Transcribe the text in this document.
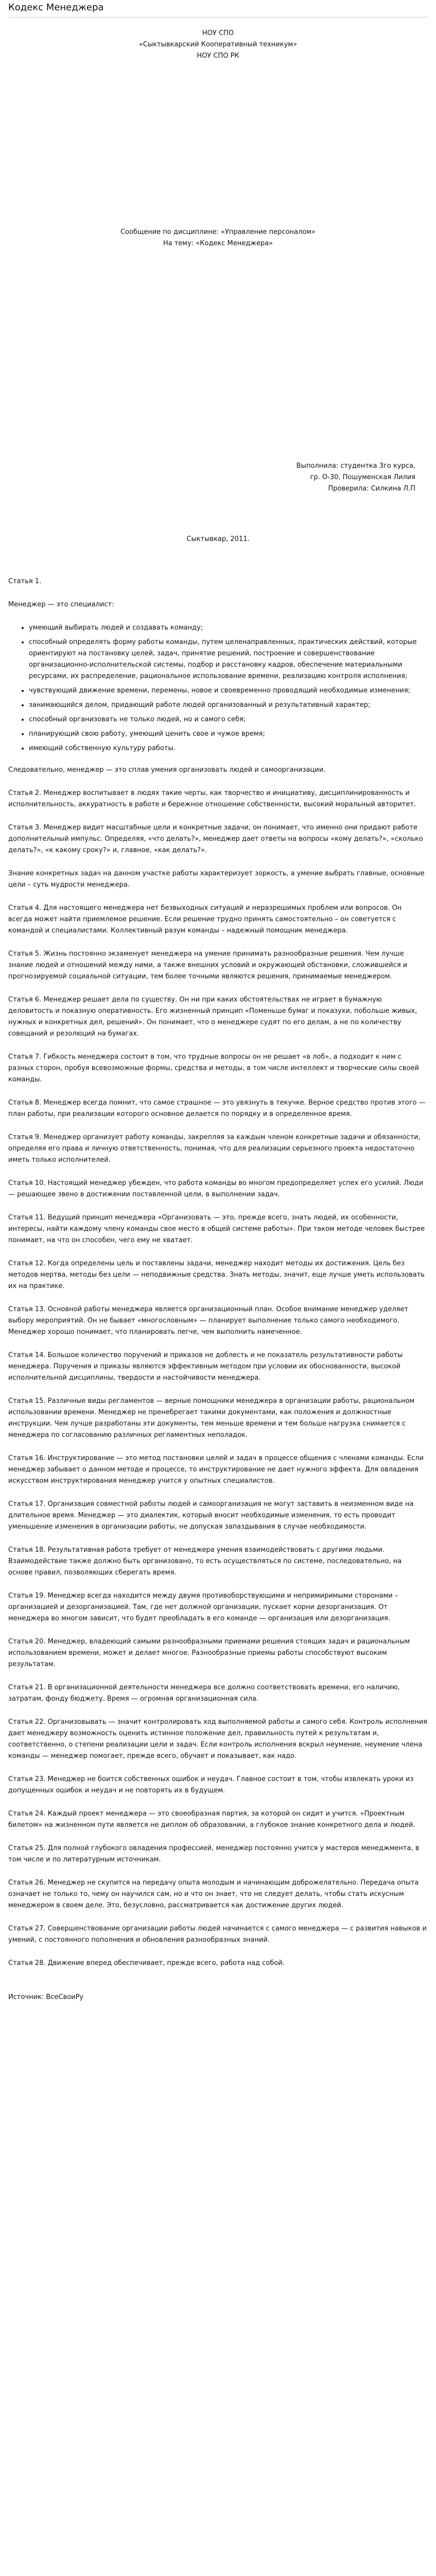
Кодекс Менеджера
НОУ СПО
«Сыктывкарский Кооперативный техникум»
НОУ СПО РК
Сообщение по дисциплине: «Управление персоналом»
На тему: «Кодекс Менеджера»
Выполнила: студентка 3го курса,
гр. О-30, Пошуменская Лилия
Проверила: Силкина Л.П
Сыктывкар, 2011.

Статья 1.

Менеджер — это специалист:

• умеющий выбирать людей и создавать команду;
• способный определять форму работы команды, путем целенаправленных, практических действий, которые ориентируют на постановку целей, задач, принятие решений, построение и совершенствование организационно-исполнительской системы, подбор и расстановку кадров, обеспечение материальными ресурсами, их распределение, рациональное использование времени, реализацию контроля исполнения;
• чувствующий движение времени, перемены, новое и своевременно проводящий необходимые изменения;
• занимающийся делом, придающий работе людей организованный и результативный характер;
• способный организовать не только людей, но и самого себя;
• планирующий свою работу, умеющий ценить свое и чужое время;
• имеющий собственную культуру работы.

Следовательно, менеджер — это сплав умения организовать людей и самоорганизации.

Статья 2. Менеджер воспитывает в людях такие черты, как творчество и инициативу, дисциплинированность и исполнительность, аккуратность в работе и бережное отношение собственности, высокий моральный авторитет.

Статья 3. Менеджер видит масштабные цели и конкретные задачи, он понимает, что именно они придают работе дополнительный импульс. Определяя, «что делать?», менеджер дает ответы на вопросы «кому делать?», «сколько делать?», «к какому сроку?» и, главное, «как делать?».

Знание конкретных задач на данном участке работы характеризует зоркость, а умение выбрать главные, основные цели – суть мудрости менеджера.

Статья 4. Для настоящего менеджера нет безвыходных ситуаций и неразрешимых проблем или вопросов. Он всегда может найти приемлемое решение. Если решение трудно принять самостоятельно – он советуется с командой и специалистами. Коллективный разум команды – надежный помощник менеджера.

Статья 5. Жизнь постоянно экзаменует менеджера на умение принимать разнообразные решения. Чем лучше знание людей и отношений между ними, а также внешних условий и окружающей обстановки, сложившейся и прогнозируемой социальной ситуации, тем более точными являются решения, принимаемые менеджером.

Статья 6. Менеджер решает дела по существу. Он ни при каких обстоятельствах не играет в бумажную деловитость и показную оперативность. Его жизненный принцип «Поменьше бумаг и показухи, побольше живых, нужных и конкретных дел, решений». Он понимает, что о менеджере судят по его делам, а не по количеству совещаний и резолюций на бумагах.

Статья 7. Гибкость менеджера состоит в том, что трудные вопросы он не решает «в лоб», а подходит к ним с разных сторон, пробуя всевозможные формы, средства и методы, в том числе интеллект и творческие силы своей команды.

Статья 8. Менеджер всегда помнит, что самое страшное — это увязнуть в текучке. Верное средство против этого — план работы, при реализации которого основное делается по порядку и в определенное время.

Статья 9. Менеджер организует работу команды, закрепляя за каждым членом конкретные задачи и обязанности, определяя его права и личную ответственность, понимая, что для реализации серьезного проекта недостаточно иметь только исполнителей.

Статья 10. Настоящий менеджер убежден, что работа команды во многом предопределяет успех его усилий. Люди — решающее звено в достижении поставленной цели, в выполнении задач.

Статья 11. Ведущий принцип менеджера «Организовать — это, прежде всего, знать людей, их особенности, интересы, найти каждому члену команды свое место в общей системе работы». При таком методе человек быстрее понимает, на что он способен, чего ему не хватает.

Статья 12. Когда определены цель и поставлены задачи, менеджер находит методы их достижения. Цель без методов мертва, методы без цели — неподвижные средства. Знать методы, значит, еще лучше уметь использовать их на практике.

Статья 13. Основной работы менеджера является организационный план. Особое внимание менеджер уделяет выбору мероприятий. Он не бывает «многословным» — планирует выполнение только самого необходимого. Менеджер хорошо понимает, что планировать легче, чем выполнить намеченное.

Статья 14. Большое количество поручений и приказов не доблесть и не показатель результативности работы менеджера. Поручения и приказы являются эффективным методом при условии их обоснованности, высокой исполнительной дисциплины, твердости и настойчивости менеджера.

Статья 15. Различные виды регламентов — верные помощники менеджера в организации работы, рациональном использовании времени. Менеджер не пренебрегает такими документами, как положения и должностные инструкции. Чем лучше разработаны эти документы, тем меньше времени и тем больше нагрузка снимается с менеджера по согласованию различных регламентных неполадок.

Статья 16. Инструктирование — это метод постановки целей и задач в процессе общения с членами команды. Если менеджер забывает о данном методе и процессе, то инструктирование не дает нужного эффекта. Для овладения искусством инструктирования менеджер учится у опытных специалистов.

Статья 17. Организация совместной работы людей и самоорганизация не могут заставить в неизменном виде на длительное время. Менеджер — это диалектик, который вносит необходимые изменения, то есть проводит уменьшение изменения в организации работы, не допуская запаздывания в случае необходимости.

Статья 18. Результативная работа требует от менеджера умения взаимодействовать с другими людьми. Взаимодействие также должно быть организовано, то есть осуществляться по системе, последовательно, на основе правил, позволяющих сберегать время.

Статья 19. Менеджер всегда находится между двумя противоборствующими и непримиримыми сторонами – организацией и дезорганизацией. Там, где нет должной организации, пускает корни дезорганизация. От менеджера во многом зависит, что будет преобладать в его команде — организация или дезорганизация.

Статья 20. Менеджер, владеющий самыми разнообразными приемами решения стоящих задач и рациональным использованием времени, может и делает многое. Разнообразные приемы работы способствуют высоким результатам.

Статья 21. В организационной деятельности менеджера все должно соответствовать времени, его наличию, затратам, фонду бюджету. Время — огромная организационная сила.

Статья 22. Организовывать — значит контролировать ход выполняемой работы и самого себя. Контроль исполнения дает менеджеру возможность оценить истинное положение дел, правильность путей к результатам и, соответственно, о степени реализации цели и задач. Если контроль исполнения вскрыл неумение, неумение члена команды — менеджер помогает, прежде всего, обучает и показывает, как надо.

Статья 23. Менеджер не боится собственных ошибок и неудач. Главное состоит в том, чтобы извлекать уроки из допущенных ошибок и неудач и не повторять их в будущем.

Статья 24. Каждый проект менеджера — это своеобразная партия, за которой он сидит и учится. «Проектным билетом» на жизненном пути является не диплом об образовании, а глубокое знание конкретного дела и людей.

Статья 25. Для полной глубокого овладения профессией, менеджер постоянно учится у мастеров менеджмента, в том числе и по литературным источникам.

Статья 26. Менеджер не скупится на передачу опыта молодым и начинающим доброжелательно. Передача опыта означает не только то, чему он научился сам, но и что он знает, что не следует делать, чтобы стать искусным менеджером в своем деле. Это, безусловно, рассматривается как достижение других людей.

Статья 27. Совершенствование организации работы людей начинается с самого менеджера — с развития навыков и умений, с постоянного пополнения и обновления разнообразных знаний.

Статья 28. Движение вперед обеспечивает, прежде всего, работа над собой.

Источник: ВсеСвоиРу
